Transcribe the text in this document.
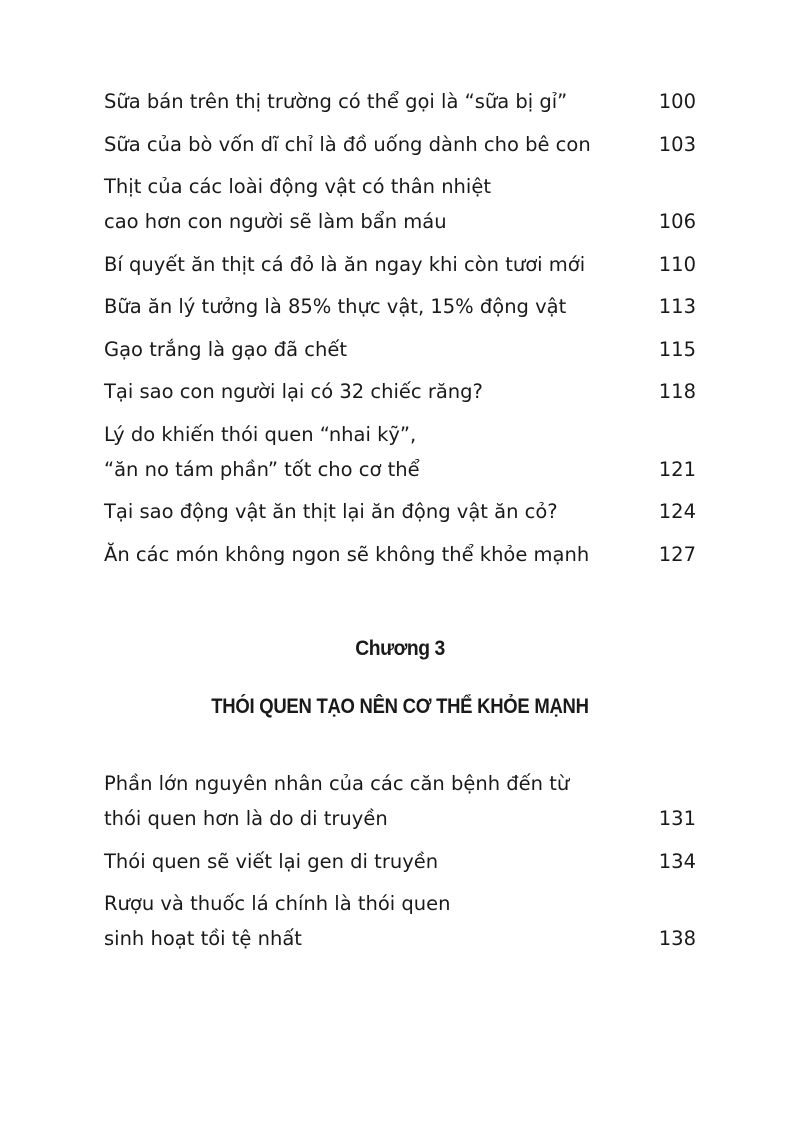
Sữa bán trên thị trường có thể gọi là “sữa bị gỉ”	100
Sữa của bò vốn dĩ chỉ là đồ uống dành cho bê con	103
Thịt của các loài động vật có thân nhiệt
cao hơn con người sẽ làm bẩn máu	106
Bí quyết ăn thịt cá đỏ là ăn ngay khi còn tươi mới	110
Bữa ăn lý tưởng là 85% thực vật, 15% động vật	113
Gạo trắng là gạo đã chết	115
Tại sao con người lại có 32 chiếc răng?	118
Lý do khiến thói quen “nhai kỹ”,
“ăn no tám phần” tốt cho cơ thể	121
Tại sao động vật ăn thịt lại ăn động vật ăn cỏ?	124
Ăn các món không ngon sẽ không thể khỏe mạnh	127
Chương 3
THÓI QUEN TẠO NÊN CƠ THỂ KHỎE MẠNH
Phần lớn nguyên nhân của các căn bệnh đến từ
thói quen hơn là do di truyền	131
Thói quen sẽ viết lại gen di truyền	134
Rượu và thuốc lá chính là thói quen
sinh hoạt tồi tệ nhất	138
